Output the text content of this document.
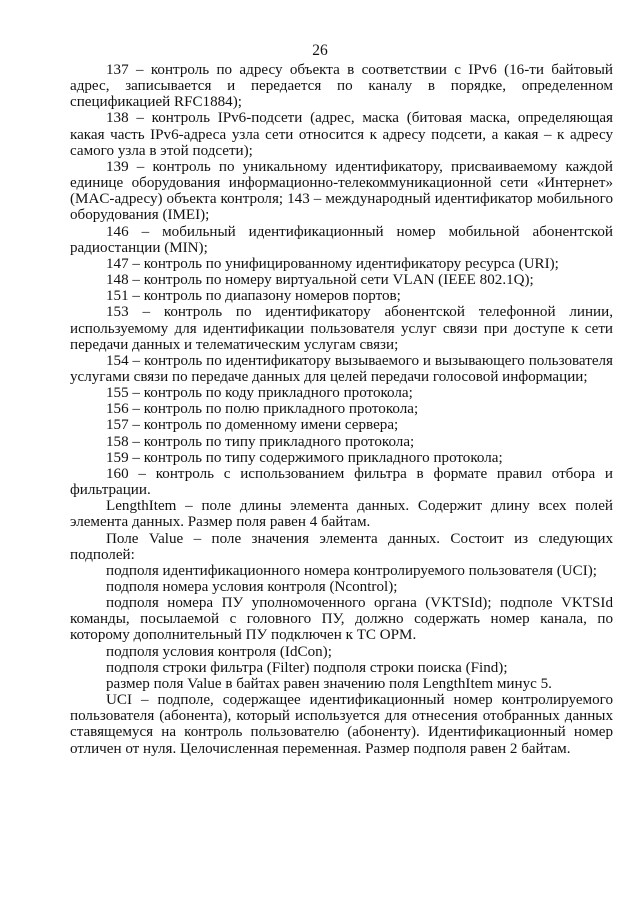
26

137 – контроль по адресу объекта в соответствии с IPv6 (16-ти байтовый адрес, записывается и передается по каналу в порядке, определенном спецификацией RFC1884);

138 – контроль IPv6-подсети (адрес, маска (битовая маска, определяющая какая часть IPv6-адреса узла сети относится к адресу подсети, а какая – к адресу самого узла в этой подсети);

139 – контроль по уникальному идентификатору, присваиваемому каждой единице оборудования информационно-телекоммуникационной сети «Интернет» (MAC-адресу) объекта контроля; 143 – международный идентификатор мобильного оборудования (IMEI);

146 – мобильный идентификационный номер мобильной абонентской радиостанции (MIN);

147 – контроль по унифицированному идентификатору ресурса (URI);

148 – контроль по номеру виртуальной сети VLAN (IEEE 802.1Q);

151 – контроль по диапазону номеров портов;

153 – контроль по идентификатору абонентской телефонной линии, используемому для идентификации пользователя услуг связи при доступе к сети передачи данных и телематическим услугам связи;

154 – контроль по идентификатору вызываемого и вызывающего пользователя услугами связи по передаче данных для целей передачи голосовой информации;

155 – контроль по коду прикладного протокола;

156 – контроль по полю прикладного протокола;

157 – контроль по доменному имени сервера;

158 – контроль по типу прикладного протокола;

159 – контроль по типу содержимого прикладного протокола;

160 – контроль с использованием фильтра в формате правил отбора и фильтрации.

LengthItem – поле длины элемента данных. Содержит длину всех полей элемента данных. Размер поля равен 4 байтам.

Поле Value – поле значения элемента данных. Состоит из следующих подполей:

подполя идентификационного номера контролируемого пользователя (UCI);

подполя номера условия контроля (Ncontrol);

подполя номера ПУ уполномоченного органа (VKTSId); подполе VKTSId команды, посылаемой с головного ПУ, должно содержать номер канала, по которому дополнительный ПУ подключен к ТС ОРМ.

подполя условия контроля (IdCon);

подполя строки фильтра (Filter) подполя строки поиска (Find);

размер поля Value в байтах равен значению поля LengthItem минус 5.

UCI – подполе, содержащее идентификационный номер контролируемого пользователя (абонента), который используется для отнесения отобранных данных ставящемуся на контроль пользователю (абоненту). Идентификационный номер отличен от нуля. Целочисленная переменная. Размер подполя равен 2 байтам.
